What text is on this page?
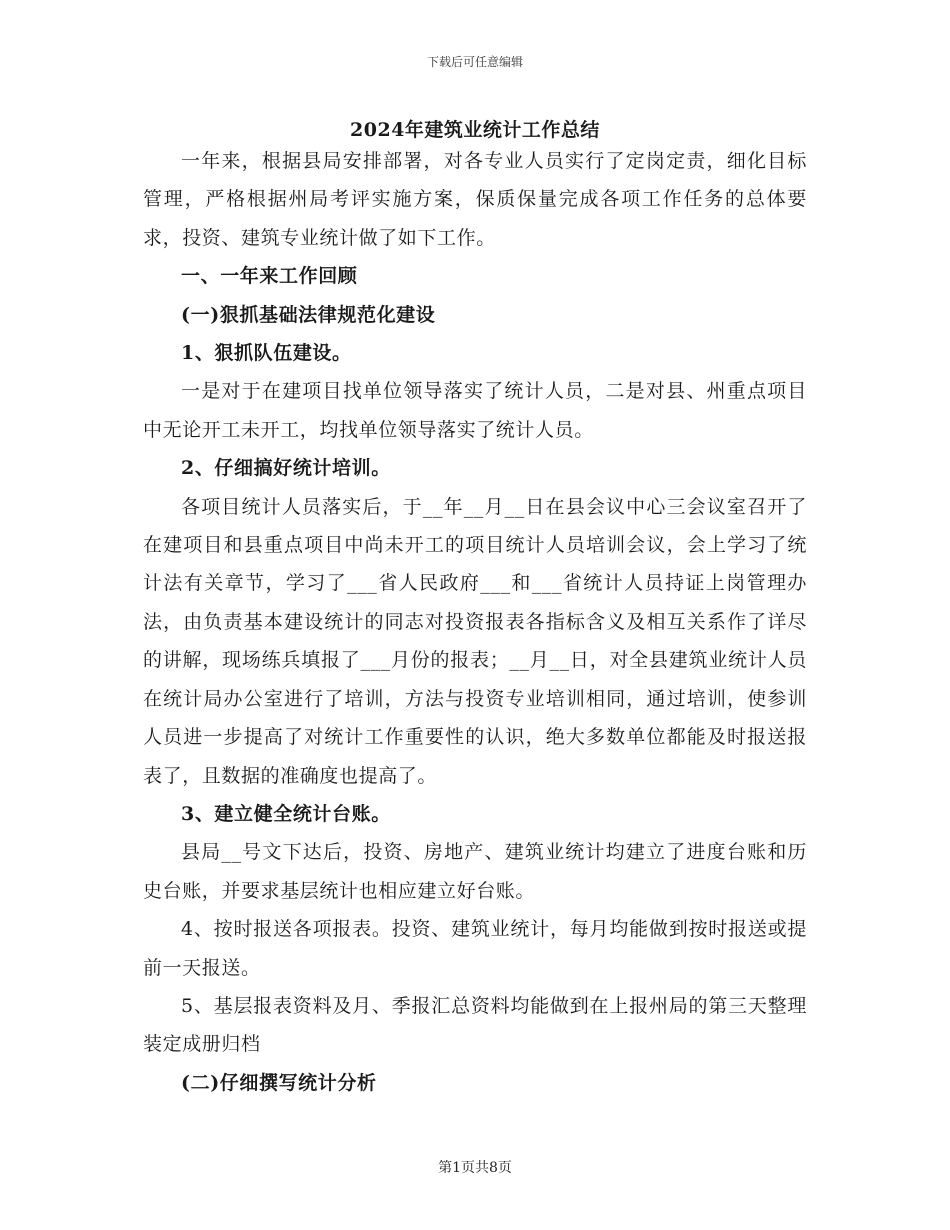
下载后可任意编辑
2024年建筑业统计工作总结

一年来，根据县局安排部署，对各专业人员实行了定岗定责，细化目标管理，严格根据州局考评实施方案，保质保量完成各项工作任务的总体要求，投资、建筑专业统计做了如下工作。

一、一年来工作回顾

(一)狠抓基础法律规范化建设

1、狠抓队伍建设。

一是对于在建项目找单位领导落实了统计人员，二是对县、州重点项目中无论开工未开工，均找单位领导落实了统计人员。

2、仔细搞好统计培训。

各项目统计人员落实后，于__年__月__日在县会议中心三会议室召开了在建项目和县重点项目中尚未开工的项目统计人员培训会议，会上学习了统计法有关章节，学习了___省人民政府___和___省统计人员持证上岗管理办法，由负责基本建设统计的同志对投资报表各指标含义及相互关系作了详尽的讲解，现场练兵填报了___月份的报表；__月__日，对全县建筑业统计人员在统计局办公室进行了培训，方法与投资专业培训相同，通过培训，使参训人员进一步提高了对统计工作重要性的认识，绝大多数单位都能及时报送报表了，且数据的准确度也提高了。

3、建立健全统计台账。

县局__号文下达后，投资、房地产、建筑业统计均建立了进度台账和历史台账，并要求基层统计也相应建立好台账。

4、按时报送各项报表。投资、建筑业统计，每月均能做到按时报送或提前一天报送。

5、基层报表资料及月、季报汇总资料均能做到在上报州局的第三天整理装定成册归档

(二)仔细撰写统计分析

第1页共8页
